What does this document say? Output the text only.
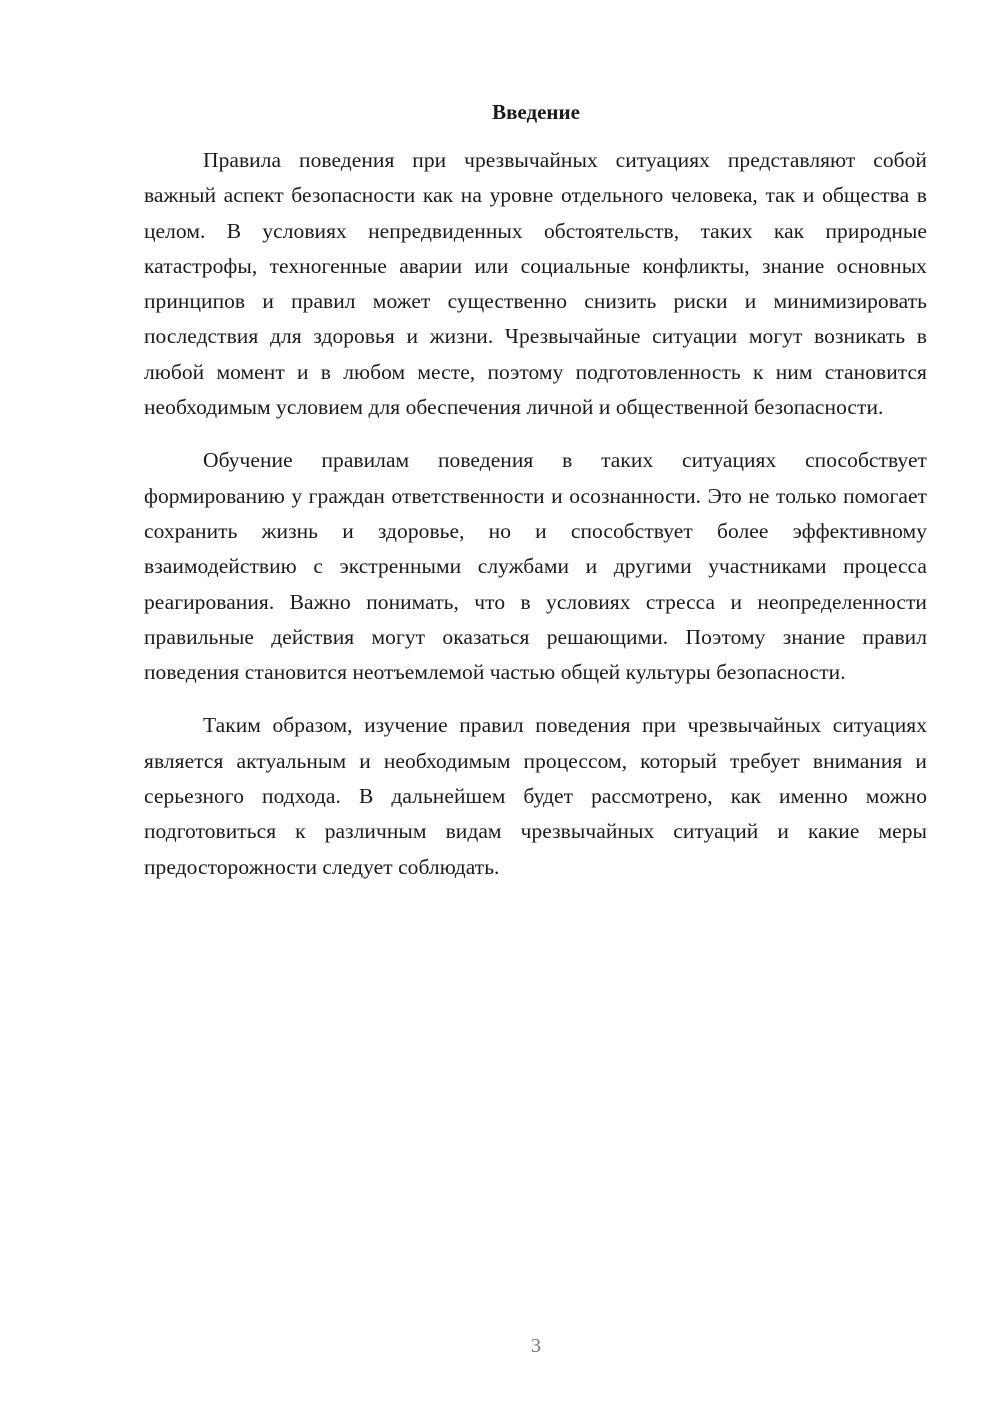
Введение

Правила поведения при чрезвычайных ситуациях представляют собой важный аспект безопасности как на уровне отдельного человека, так и общества в целом. В условиях непредвиденных обстоятельств, таких как природные катастрофы, техногенные аварии или социальные конфликты, знание основных принципов и правил может существенно снизить риски и минимизировать последствия для здоровья и жизни. Чрезвычайные ситуации могут возникать в любой момент и в любом месте, поэтому подготовленность к ним становится необходимым условием для обеспечения личной и общественной безопасности.

Обучение правилам поведения в таких ситуациях способствует формированию у граждан ответственности и осознанности. Это не только помогает сохранить жизнь и здоровье, но и способствует более эффективному взаимодействию с экстренными службами и другими участниками процесса реагирования. Важно понимать, что в условиях стресса и неопределенности правильные действия могут оказаться решающими. Поэтому знание правил поведения становится неотъемлемой частью общей культуры безопасности.

Таким образом, изучение правил поведения при чрезвычайных ситуациях является актуальным и необходимым процессом, который требует внимания и серьезного подхода. В дальнейшем будет рассмотрено, как именно можно подготовиться к различным видам чрезвычайных ситуаций и какие меры предосторожности следует соблюдать.

3
